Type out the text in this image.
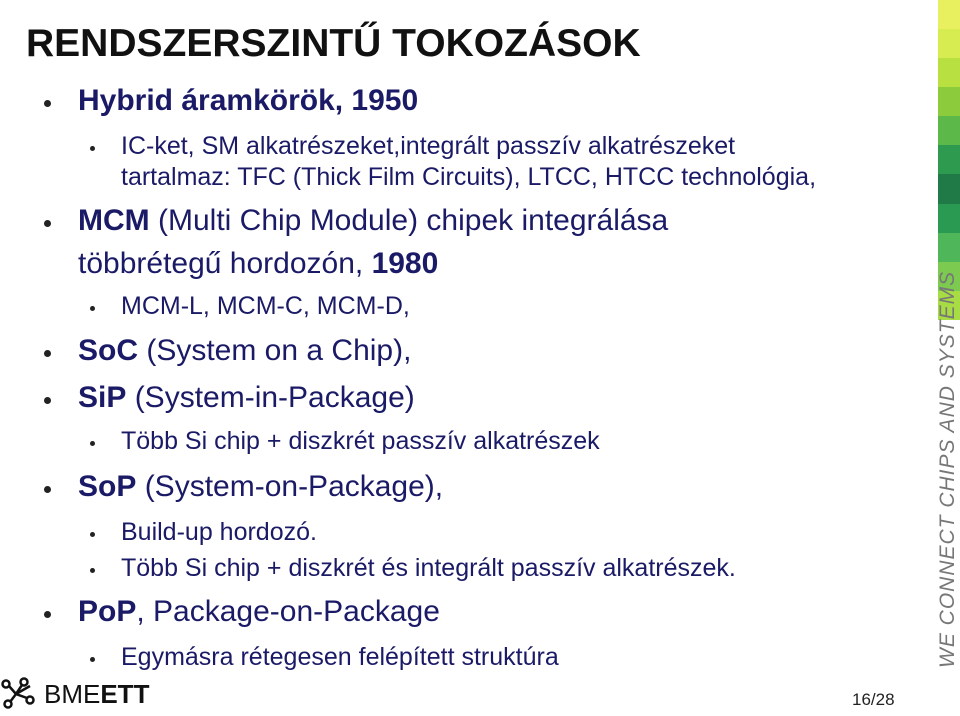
RENDSZERSZINTŰ TOKOZÁSOK

Hybrid áramkörök, 1950

IC-ket, SM alkatrészeket,integrált passzív alkatrészeket

tartalmaz: TFC (Thick Film Circuits), LTCC, HTCC technológia,

MCM (Multi Chip Module) chipek integrálása

többrétegű hordozón, 1980

MCM-L, MCM-C, MCM-D,

SoC (System on a Chip),

SiP (System-in-Package)

Több Si chip + diszkrét passzív alkatrészek

SoP (System-on-Package),

Build-up hordozó.

Több Si chip + diszkrét és integrált passzív alkatrészek.

PoP, Package-on-Package

Egymásra rétegesen felépített struktúra	WE CONNECT CHIPS AND SYSTEMS
BMEETT	16/28
